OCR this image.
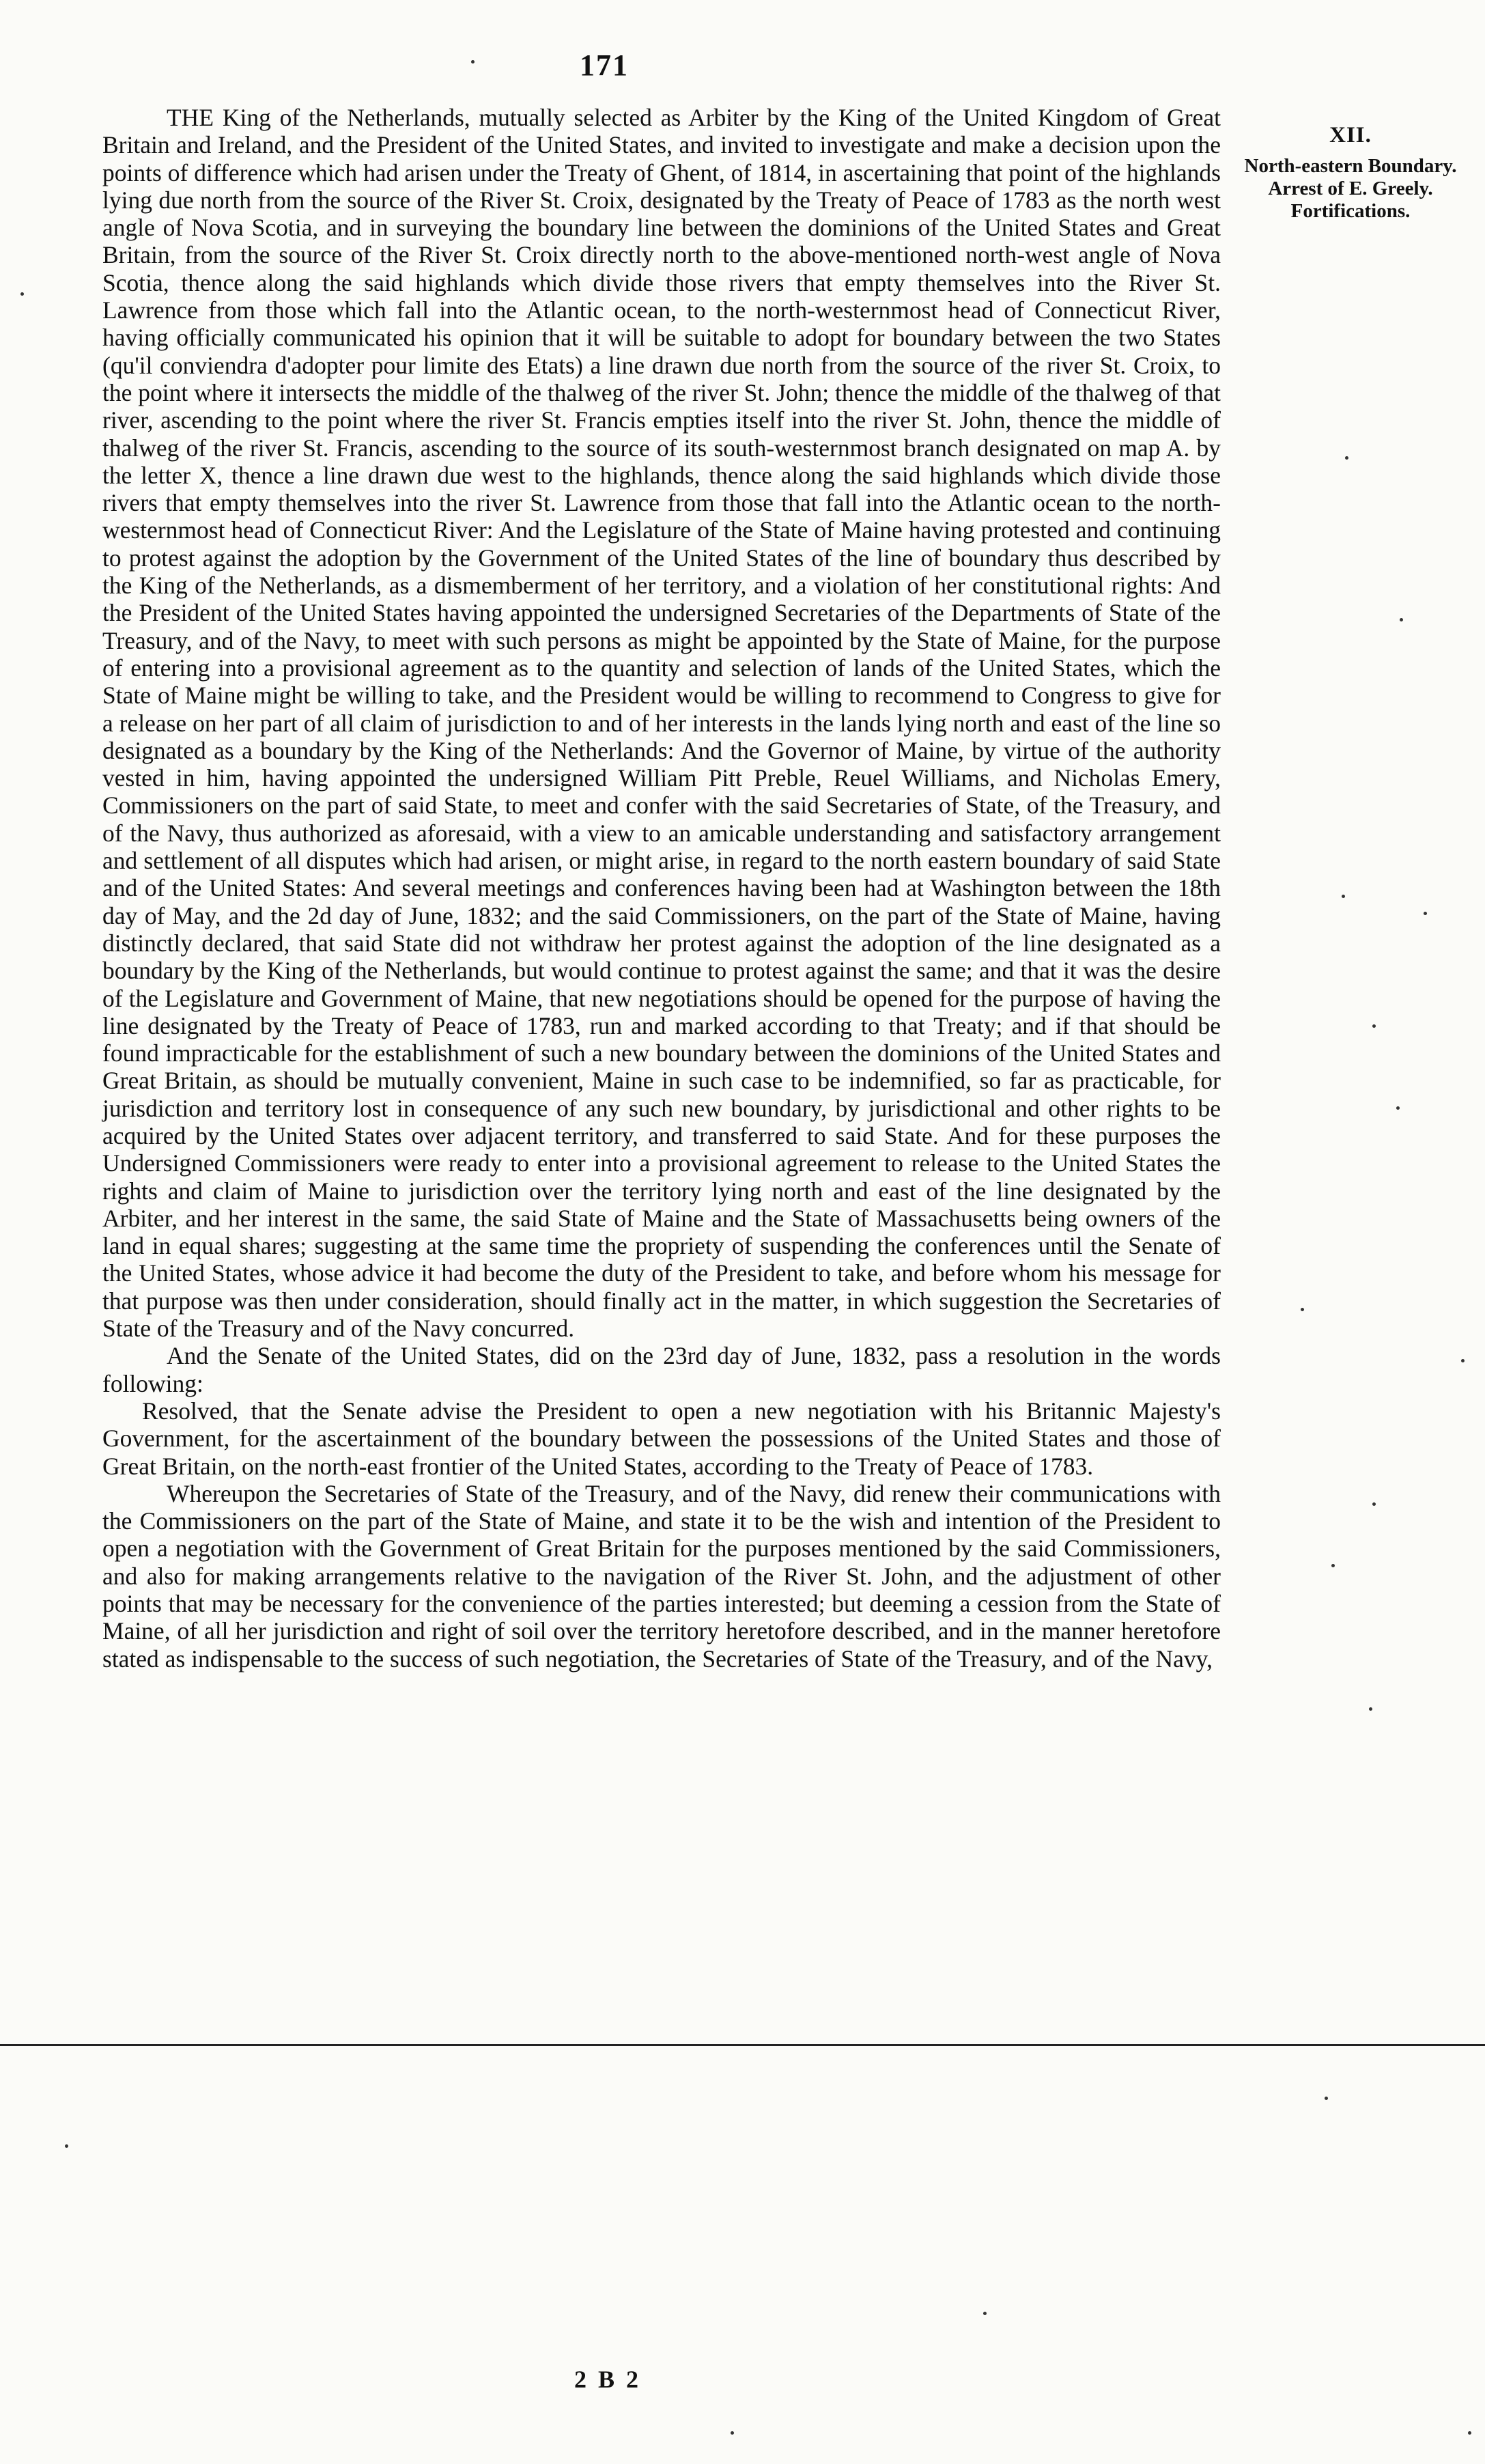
171

THE King of the Netherlands, mutually selected as Arbiter by the King of the United Kingdom of Great Britain and Ireland, and the President of the United States, and invited to investigate and make a decision upon the points of difference which had arisen under the Treaty of Ghent, of 1814, in ascertaining that point of the highlands lying due north from the source of the River St. Croix, designated by the Treaty of Peace of 1783 as the north west angle of Nova Scotia, and in surveying the boundary line between the dominions of the United States and Great Britain, from the source of the River St. Croix directly north to the above-mentioned north-west angle of Nova Scotia, thence along the said highlands which divide those rivers that empty themselves into the River St. Lawrence from those which fall into the Atlantic ocean, to the north-westernmost head of Connecticut River, having officially communicated his opinion that it will be suitable to adopt for boundary between the two States (qu'il conviendra d'adopter pour limite des Etats) a line drawn due north from the source of the river St. Croix, to the point where it intersects the middle of the thalweg of the river St. John; thence the middle of the thalweg of that river, ascending to the point where the river St. Francis empties itself into the river St. John, thence the middle of thalweg of the river St. Francis, ascending to the source of its south-westernmost branch designated on map A. by the letter X, thence a line drawn due west to the highlands, thence along the said highlands which divide those rivers that empty themselves into the river St. Lawrence from those that fall into the Atlantic ocean to the north-westernmost head of Connecticut River: And the Legislature of the State of Maine having protested and continuing to protest against the adoption by the Government of the United States of the line of boundary thus described by the King of the Netherlands, as a dismemberment of her territory, and a violation of her constitutional rights: And the President of the United States having appointed the undersigned Secretaries of the Departments of State of the Treasury, and of the Navy, to meet with such persons as might be appointed by the State of Maine, for the purpose of entering into a provisional agreement as to the quantity and selection of lands of the United States, which the State of Maine might be willing to take, and the President would be willing to recommend to Congress to give for a release on her part of all claim of jurisdiction to and of her interests in the lands lying north and east of the line so designated as a boundary by the King of the Netherlands: And the Governor of Maine, by virtue of the authority vested in him, having appointed the undersigned William Pitt Preble, Reuel Williams, and Nicholas Emery, Commissioners on the part of said State, to meet and confer with the said Secretaries of State, of the Treasury, and of the Navy, thus authorized as aforesaid, with a view to an amicable understanding and satisfactory arrangement and settlement of all disputes which had arisen, or might arise, in regard to the north eastern boundary of said State and of the United States: And several meetings and conferences having been had at Washington between the 18th day of May, and the 2d day of June, 1832; and the said Commissioners, on the part of the State of Maine, having distinctly declared, that said State did not withdraw her protest against the adoption of the line designated as a boundary by the King of the Netherlands, but would continue to protest against the same; and that it was the desire of the Legislature and Government of Maine, that new negotiations should be opened for the purpose of having the line designated by the Treaty of Peace of 1783, run and marked according to that Treaty; and if that should be found impracticable for the establishment of such a new boundary between the dominions of the United States and Great Britain, as should be mutually convenient, Maine in such case to be indemnified, so far as practicable, for jurisdiction and territory lost in consequence of any such new boundary, by jurisdictional and other rights to be acquired by the United States over adjacent territory, and transferred to said State. And for these purposes the Undersigned Commissioners were ready to enter into a provisional agreement to release to the United States the rights and claim of Maine to jurisdiction over the territory lying north and east of the line designated by the Arbiter, and her interest in the same, the said State of Maine and the State of Massachusetts being owners of the land in equal shares; suggesting at the same time the propriety of suspending the conferences until the Senate of the United States, whose advice it had become the duty of the President to take, and before whom his message for that purpose was then under consideration, should finally act in the matter, in which suggestion the Secretaries of State of the Treasury and of the Navy concurred.

And the Senate of the United States, did on the 23rd day of June, 1832, pass a resolution in the words following:

Resolved, that the Senate advise the President to open a new negotiation with his Britannic Majesty's Government, for the ascertainment of the boundary between the possessions of the United States and those of Great Britain, on the north-east frontier of the United States, according to the Treaty of Peace of 1783.

Whereupon the Secretaries of State of the Treasury, and of the Navy, did renew their communications with the Commissioners on the part of the State of Maine, and state it to be the wish and intention of the President to open a negotiation with the Government of Great Britain for the purposes mentioned by the said Commissioners, and also for making arrangements relative to the navigation of the River St. John, and the adjustment of other points that may be necessary for the convenience of the parties interested; but deeming a cession from the State of Maine, of all her jurisdiction and right of soil over the territory heretofore described, and in the manner heretofore stated as indispensable to the success of such negotiation, the Secretaries of State of the Treasury, and of the Navy,

XII.
North-eastern Boundary.
Arrest of E. Greely.
Fortifications.
2 B 2
